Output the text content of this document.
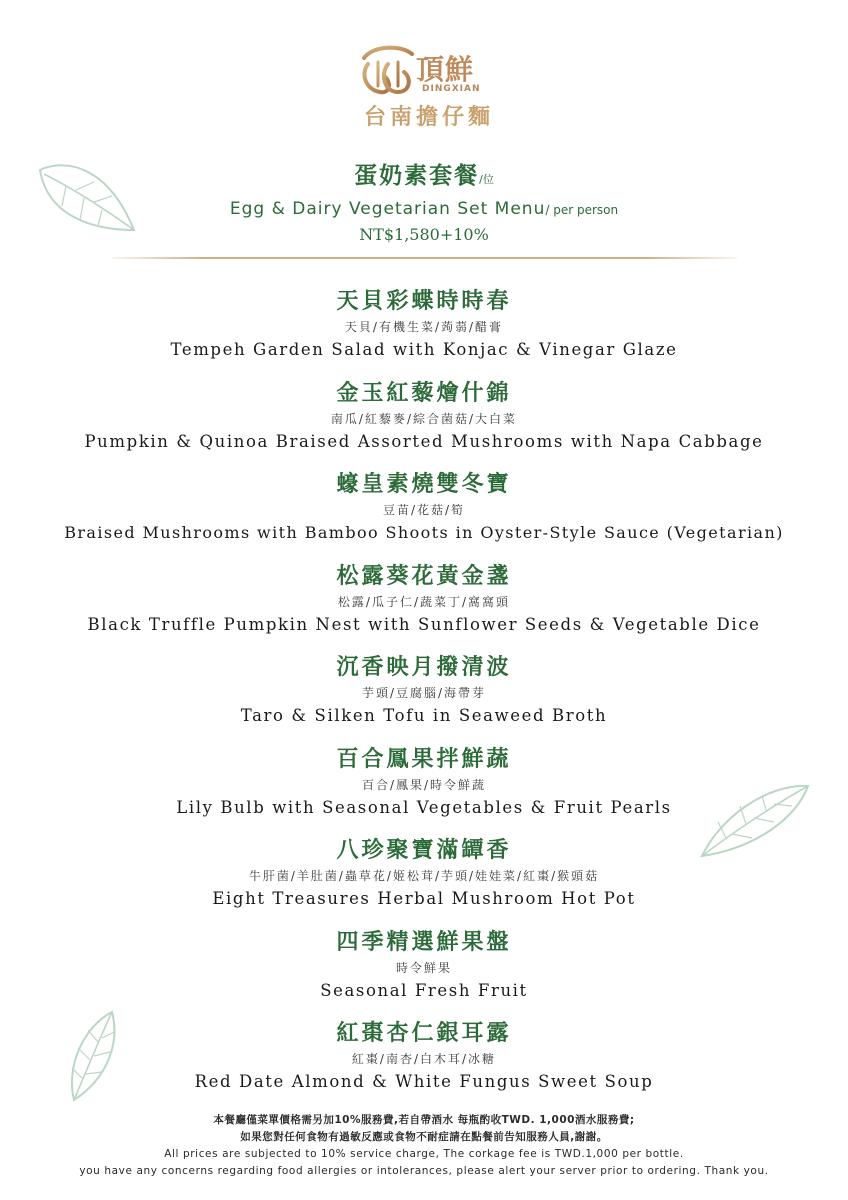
頂鮮
DINGXIAN
台南擔仔麵
蛋奶素套餐/位
Egg & Dairy Vegetarian Set Menu/ per person
NT$1,580+10%
天貝彩蝶時時春
天貝/有機生菜/蒟蒻/醋膏
Tempeh Garden Salad with Konjac & Vinegar Glaze
金玉紅藜燴什錦
南瓜/紅藜麥/綜合菌菇/大白菜
Pumpkin & Quinoa Braised Assorted Mushrooms with Napa Cabbage
蠔皇素燒雙冬寶
豆苗/花菇/筍
Braised Mushrooms with Bamboo Shoots in Oyster-Style Sauce (Vegetarian)
松露葵花黃金盞
松露/瓜子仁/蔬菜丁/窩窩頭
Black Truffle Pumpkin Nest with Sunflower Seeds & Vegetable Dice
沉香映月撥清波
芋頭/豆腐腦/海帶芽
Taro & Silken Tofu in Seaweed Broth
百合鳳果拌鮮蔬
百合/鳳果/時令鮮蔬
Lily Bulb with Seasonal Vegetables & Fruit Pearls
八珍聚寶滿罈香
牛肝菌/羊肚菌/蟲草花/姬松茸/芋頭/娃娃菜/紅棗/猴頭菇
Eight Treasures Herbal Mushroom Hot Pot
四季精選鮮果盤
時令鮮果
Seasonal Fresh Fruit
紅棗杏仁銀耳露
紅棗/南杏/白木耳/冰糖
Red Date Almond & White Fungus Sweet Soup
本餐廳僅菜單價格需另加10%服務費,若自帶酒水 每瓶酌收TWD. 1,000酒水服務費;
如果您對任何食物有過敏反應或食物不耐症請在點餐前告知服務人員,謝謝。
All prices are subjected to 10% service charge, The corkage fee is TWD.1,000 per bottle.
you have any concerns regarding food allergies or intolerances, please alert your server prior to ordering. Thank you.
